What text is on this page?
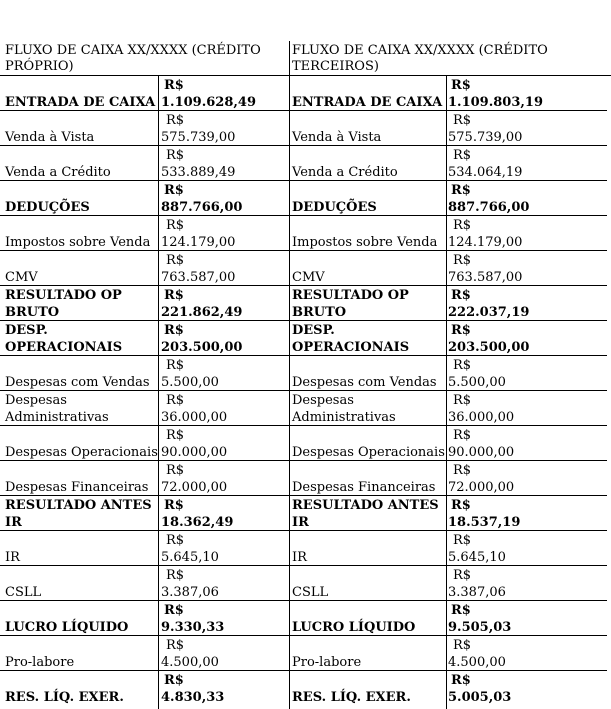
FLUXO DE CAIXA XX/XXXX (CRÉDITO PRÓPRIO)
FLUXO DE CAIXA XX/XXXX (CRÉDITO TERCEIROS)
ENTRADA DE CAIXA
R$
1.109.628,49
Venda à Vista
R$
575.739,00
Venda a Crédito
R$
533.889,49
DEDUÇÕES
R$
887.766,00
Impostos sobre Venda
R$
124.179,00
CMV
R$
763.587,00
RESULTADO OP BRUTO
R$
221.862,49
DESP. OPERACIONAIS
R$
203.500,00
Despesas com Vendas
R$
5.500,00
Despesas Administrativas
R$
36.000,00
Despesas Operacionais
R$
90.000,00
Despesas Financeiras
R$
72.000,00
RESULTADO ANTES IR
R$
18.362,49
IR
R$
5.645,10
CSLL
R$
3.387,06
LUCRO LÍQUIDO
R$
9.330,33
Pro-labore
R$
4.500,00
RES. LÍQ. EXER.
R$
4.830,33
ENTRADA DE CAIXA
R$
1.109.803,19
Venda à Vista
R$
575.739,00
Venda a Crédito
R$
534.064,19
DEDUÇÕES
R$
887.766,00
Impostos sobre Venda
R$
124.179,00
CMV
R$
763.587,00
RESULTADO OP BRUTO
R$
222.037,19
DESP. OPERACIONAIS
R$
203.500,00
Despesas com Vendas
R$
5.500,00
Despesas Administrativas
R$
36.000,00
Despesas Operacionais
R$
90.000,00
Despesas Financeiras
R$
72.000,00
RESULTADO ANTES IR
R$
18.537,19
IR
R$
5.645,10
CSLL
R$
3.387,06
LUCRO LÍQUIDO
R$
9.505,03
Pro-labore
R$
4.500,00
RES. LÍQ. EXER.
R$
5.005,03
